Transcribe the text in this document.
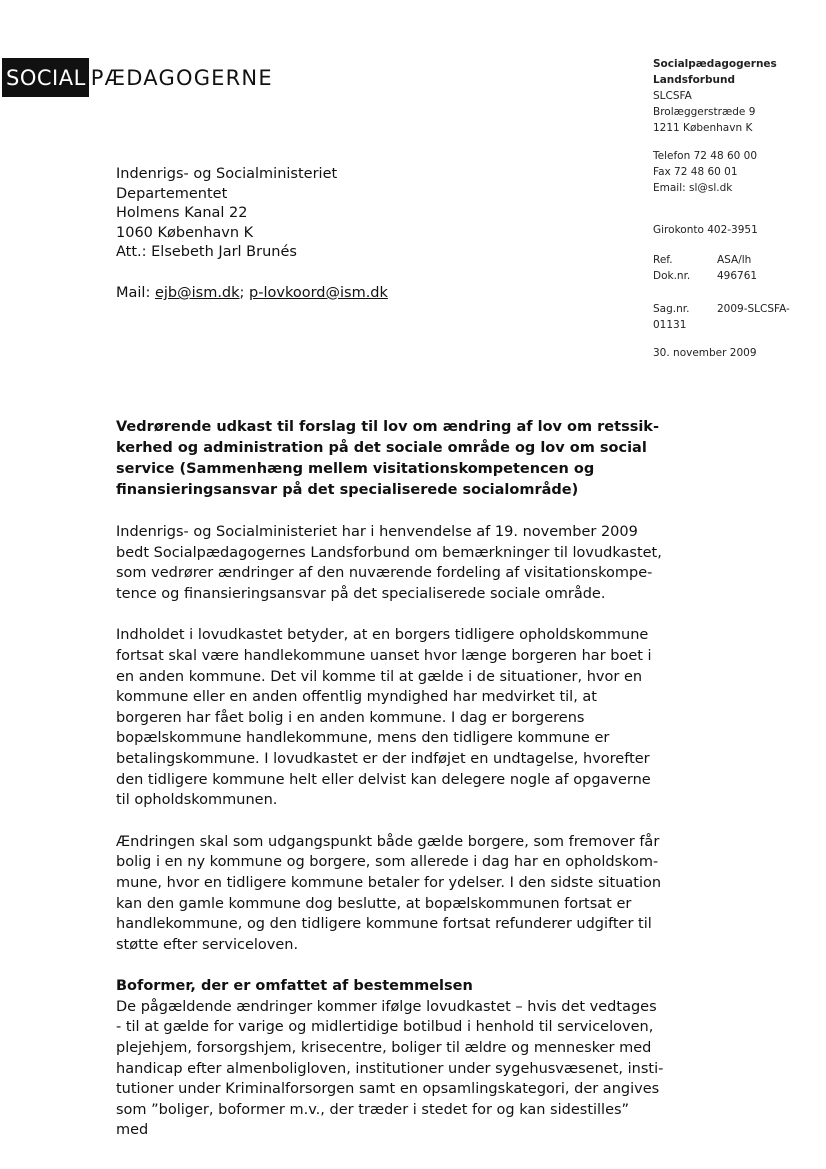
SOCIAL PÆDAGOGERNE
Socialpædagogernes
Landsforbund
SLCSFA
Brolæggerstræde 9
1211 København K
Telefon 72 48 60 00
Fax 72 48 60 01
Email: sl@sl.dk
Girokonto 402-3951
Ref.	ASA/lh
Dok.nr.	496761
Sag.nr.	2009-SLCSFA-
01131
30. november 2009
Indenrigs- og Socialministeriet
Departementet
Holmens Kanal 22
1060 København K
Att.: Elsebeth Jarl Brunés
Mail: ejb@ism.dk; p-lovkoord@ism.dk
Vedrørende udkast til forslag til lov om ændring af lov om retssikkerhed og administration på det sociale område og lov om social service (Sammenhæng mellem visitationskompetencen og finansieringsansvar på det specialiserede socialområde)

Indenrigs- og Socialministeriet har i henvendelse af 19. november 2009 bedt Socialpædagogernes Landsforbund om bemærkninger til lovudkastet, som vedrører ændringer af den nuværende fordeling af visitationskompetence og finansieringsansvar på det specialiserede sociale område.

Indholdet i lovudkastet betyder, at en borgers tidligere opholdskommune fortsat skal være handlekommune uanset hvor længe borgeren har boet i en anden kommune. Det vil komme til at gælde i de situationer, hvor en kommune eller en anden offentlig myndighed har medvirket til, at borgeren har fået bolig i en anden kommune. I dag er borgerens bopælskommune handlekommune, mens den tidligere kommune er betalingskommune. I lovudkastet er der indføjet en undtagelse, hvorefter den tidligere kommune helt eller delvist kan delegere nogle af opgaverne til opholdskommunen.

Ændringen skal som udgangspunkt både gælde borgere, som fremover får bolig i en ny kommune og borgere, som allerede i dag har en opholdskommune, hvor en tidligere kommune betaler for ydelser. I den sidste situation kan den gamle kommune dog beslutte, at bopælskommunen fortsat er handlekommune, og den tidligere kommune fortsat refunderer udgifter til støtte efter serviceloven.

Boformer, der er omfattet af bestemmelsen

De pågældende ændringer kommer ifølge lovudkastet – hvis det vedtages - til at gælde for varige og midlertidige botilbud i henhold til serviceloven, plejehjem, forsorgshjem, krisecentre, boliger til ældre og mennesker med handicap efter almenboligloven, institutioner under sygehusvæsenet, institutioner under Kriminalforsorgen samt en opsamlingskategori, der angives som ”boliger, boformer m.v., der træder i stedet for og kan sidestilles” med
